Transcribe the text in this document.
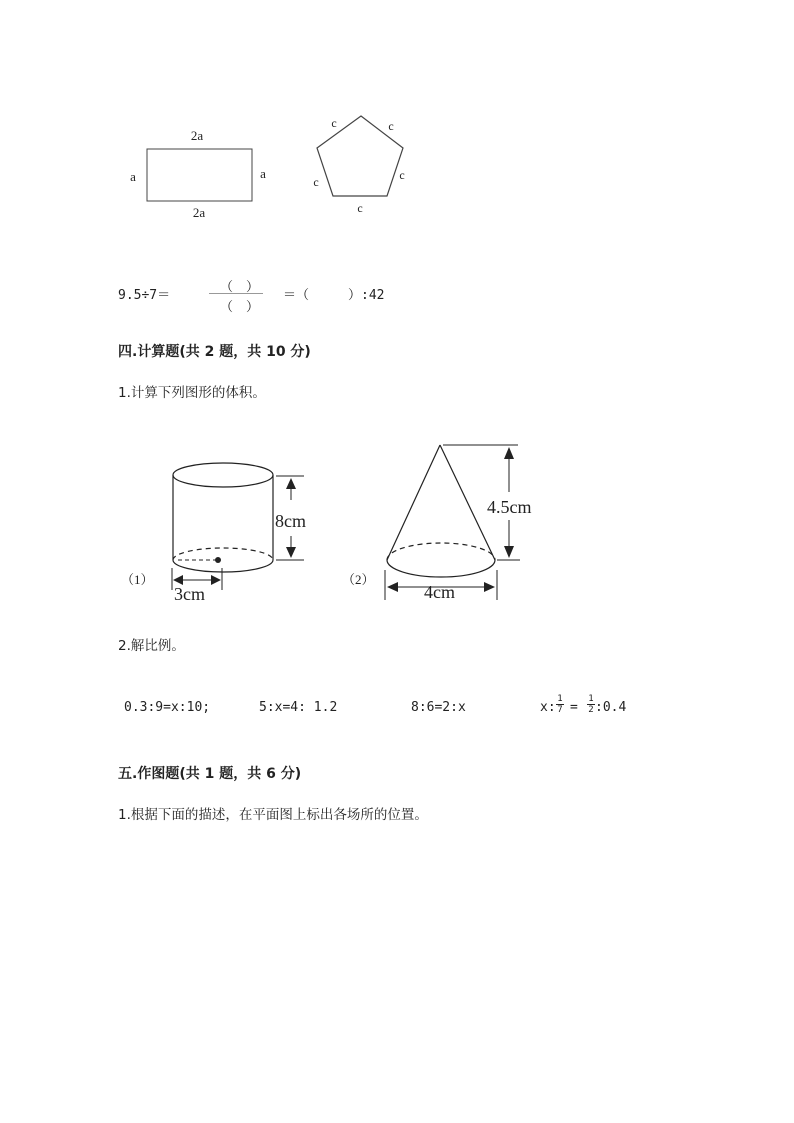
2a
2a
a	a
c	c
c	c
c
9.5÷7＝
（　）
（　）
＝（　　　）:42
四.计算题(共 2 题，共 10 分)
1.计算下列图形的体积。
8cm
3cm
（1）
4.5cm
4cm
（2）
2.解比例。
0.3:9=x:10;	5:x=4: 1.2	8:6=2:x	x:
1
7 =
1
2 :0.4
五.作图题(共 1 题，共 6 分)
1.根据下面的描述，在平面图上标出各场所的位置。
